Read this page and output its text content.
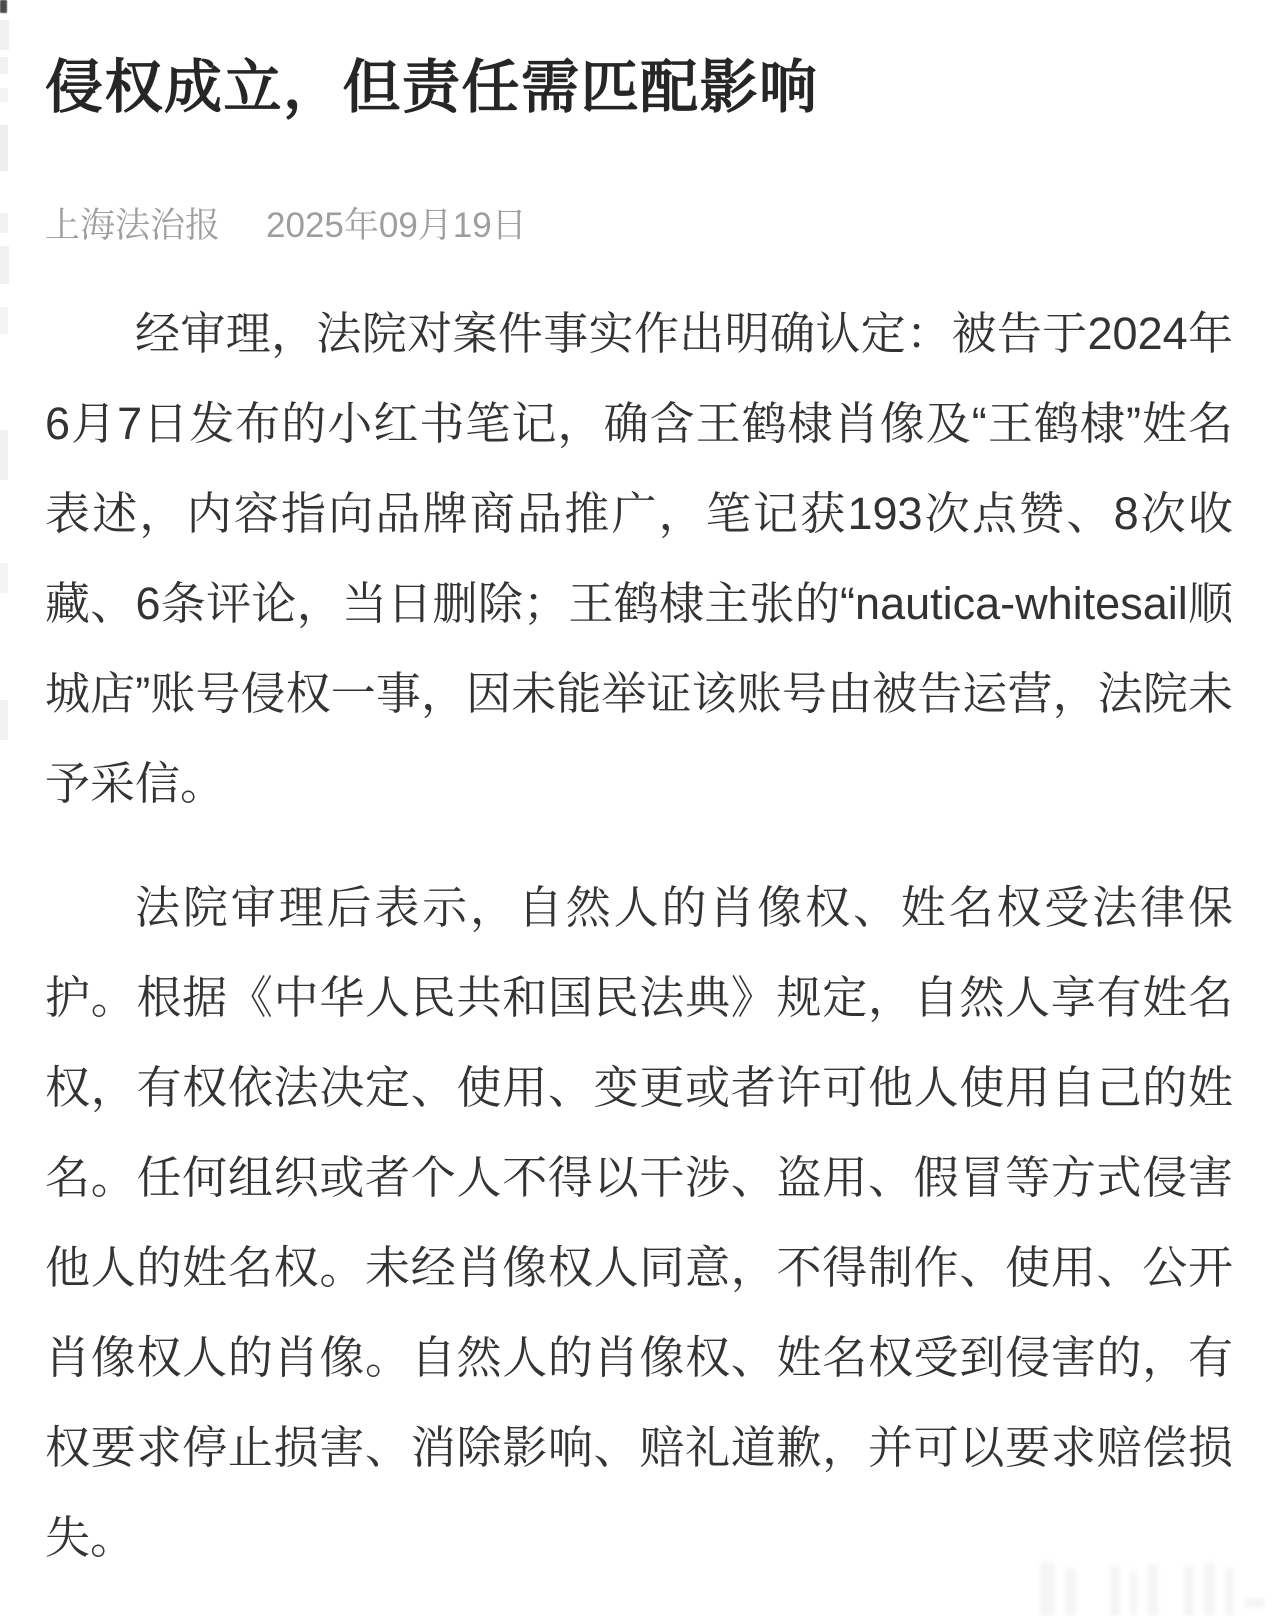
侵权成立，但责任需匹配影响
上海法治报 2025年09月19日

经审理，法院对案件事实作出明确认定：被告于2024年6月7日发布的小红书笔记，确含王鹤棣肖像及“王鹤棣”姓名表述，内容指向品牌商品推广，笔记获193次点赞、8次收藏、6条评论，当日删除；王鹤棣主张的“nautica-whitesail顺城店”账号侵权一事，因未能举证该账号由被告运营，法院未予采信。

法院审理后表示，自然人的肖像权、姓名权受法律保护。根据《中华人民共和国民法典》规定，自然人享有姓名权，有权依法决定、使用、变更或者许可他人使用自己的姓名。任何组织或者个人不得以干涉、盗用、假冒等方式侵害他人的姓名权。未经肖像权人同意，不得制作、使用、公开肖像权人的肖像。自然人的肖像权、姓名权受到侵害的，有权要求停止损害、消除影响、赔礼道歉，并可以要求赔偿损失。
